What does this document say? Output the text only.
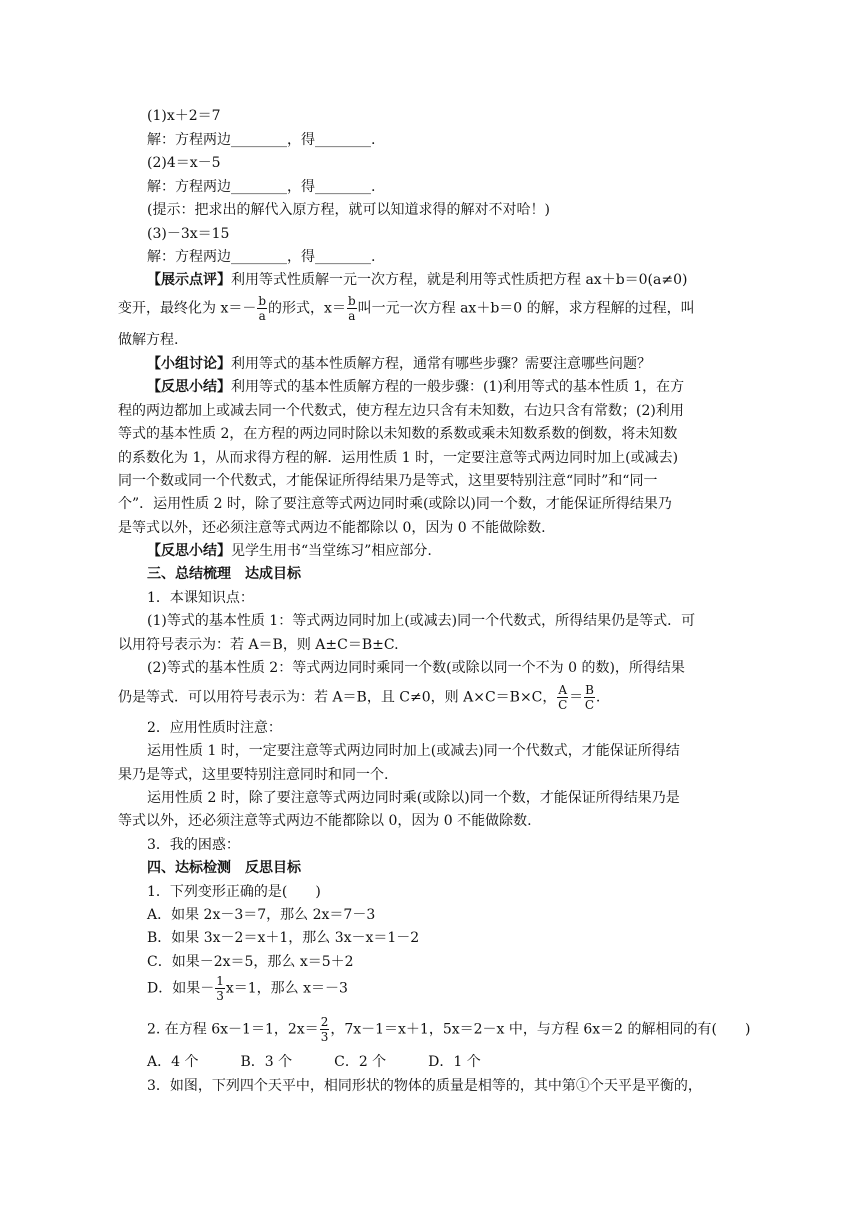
(1)x＋2＝7
解：方程两边________，得________.
(2)4＝x－5
解：方程两边________，得________.
(提示：把求出的解代入原方程，就可以知道求得的解对不对哈！)
(3)－3x＝15
解：方程两边________，得________.
【展示点评】利用等式性质解一元一次方程，就是利用等式性质把方程 ax＋b＝0(a≠0)
变开，最终化为 $x=- \frac{b}{a}$ 的形式，$x= \frac{b}{a}$ 叫一元一次方程 ax＋b＝0 的解，求方程解的过程，叫
做解方程.
【小组讨论】利用等式的基本性质解方程，通常有哪些步骤？需要注意哪些问题？
【反思小结】利用等式的基本性质解方程的一般步骤：(1)利用等式的基本性质 1，在方
程的两边都加上或减去同一个代数式，使方程左边只含有未知数，右边只含有常数；(2)利用
等式的基本性质 2，在方程的两边同时除以未知数的系数或乘未知数系数的倒数，将未知数
的系数化为 1，从而求得方程的解．运用性质 1 时，一定要注意等式两边同时加上(或减去)
同一个数或同一个代数式，才能保证所得结果乃是等式，这里要特别注意“同时”和“同一
个”．运用性质 2 时，除了要注意等式两边同时乘(或除以)同一个数，才能保证所得结果乃
是等式以外，还必须注意等式两边不能都除以 0，因为 0 不能做除数.
【反思小结】见学生用书“当堂练习”相应部分.
三、总结梳理　达成目标
1．本课知识点：
(1)等式的基本性质 1：等式两边同时加上(或减去)同一个代数式，所得结果仍是等式．可
以用符号表示为：若 A＝B，则 A±C＝B±C.
(2)等式的基本性质 2：等式两边同时乘同一个数(或除以同一个不为 0 的数)，所得结果
仍是等式．可以用符号表示为：若 A＝B，且 C≠0，则 A×C＝B×C， $\frac{A}{C} = \frac{B}{C}$ .
2．应用性质时注意：
运用性质 1 时，一定要注意等式两边同时加上(或减去)同一个代数式，才能保证所得结
果乃是等式，这里要特别注意同时和同一个.
运用性质 2 时，除了要注意等式两边同时乘(或除以)同一个数，才能保证所得结果乃是
等式以外，还必须注意等式两边不能都除以 0，因为 0 不能做除数.
3．我的困惑：
四、达标检测　反思目标
1．下列变形正确的是(　　)
A．如果 2x－3＝7，那么 2x＝7－3
B．如果 3x－2＝x＋1，那么 3x－x＝1－2
C．如果－2x＝5，那么 x＝5＋2
D．如果－ $\frac{1}{3} x=1$，那么 x＝－3
2. 在方程 6x－1＝1，$2x= \frac{2}{3}$ ，7x－1＝x＋1，5x＝2－x 中，与方程 6x＝2 的解相同的有(　　)
A．4 个　　　B．3 个　　　C．2 个　　　D．1 个
3．如图，下列四个天平中，相同形状的物体的质量是相等的，其中第①个天平是平衡的，
